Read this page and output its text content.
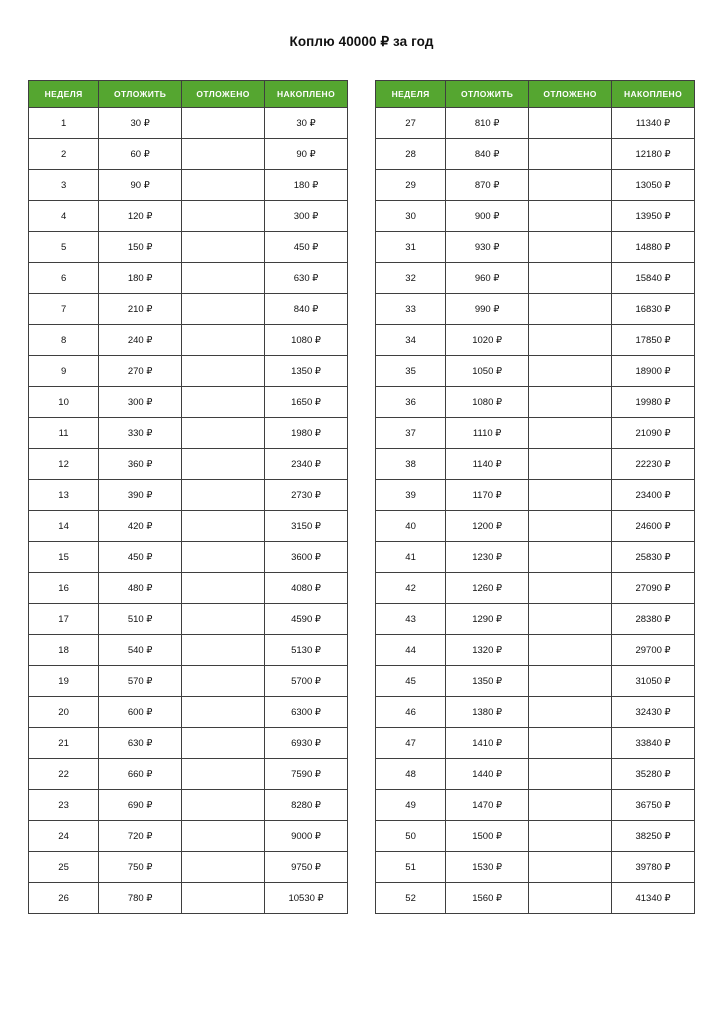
Коплю 40000 ₽ за год
НЕДЕЛЯ	ОТЛОЖИТЬ	ОТЛОЖЕНО	НАКОПЛЕНО
1	30 ₽		30 ₽
2	60 ₽		90 ₽
3	90 ₽		180 ₽
4	120 ₽		300 ₽
5	150 ₽		450 ₽
6	180 ₽		630 ₽
7	210 ₽		840 ₽
8	240 ₽		1080 ₽
9	270 ₽		1350 ₽
10	300 ₽		1650 ₽
11	330 ₽		1980 ₽
12	360 ₽		2340 ₽
13	390 ₽		2730 ₽
14	420 ₽		3150 ₽
15	450 ₽		3600 ₽
16	480 ₽		4080 ₽
17	510 ₽		4590 ₽
18	540 ₽		5130 ₽
19	570 ₽		5700 ₽
20	600 ₽		6300 ₽
21	630 ₽		6930 ₽
22	660 ₽		7590 ₽
23	690 ₽		8280 ₽
24	720 ₽		9000 ₽
25	750 ₽		9750 ₽
26	780 ₽		10530 ₽
НЕДЕЛЯ	ОТЛОЖИТЬ	ОТЛОЖЕНО	НАКОПЛЕНО
27	810 ₽		11340 ₽
28	840 ₽		12180 ₽
29	870 ₽		13050 ₽
30	900 ₽		13950 ₽
31	930 ₽		14880 ₽
32	960 ₽		15840 ₽
33	990 ₽		16830 ₽
34	1020 ₽		17850 ₽
35	1050 ₽		18900 ₽
36	1080 ₽		19980 ₽
37	1110 ₽		21090 ₽
38	1140 ₽		22230 ₽
39	1170 ₽		23400 ₽
40	1200 ₽		24600 ₽
41	1230 ₽		25830 ₽
42	1260 ₽		27090 ₽
43	1290 ₽		28380 ₽
44	1320 ₽		29700 ₽
45	1350 ₽		31050 ₽
46	1380 ₽		32430 ₽
47	1410 ₽		33840 ₽
48	1440 ₽		35280 ₽
49	1470 ₽		36750 ₽
50	1500 ₽		38250 ₽
51	1530 ₽		39780 ₽
52	1560 ₽		41340 ₽
